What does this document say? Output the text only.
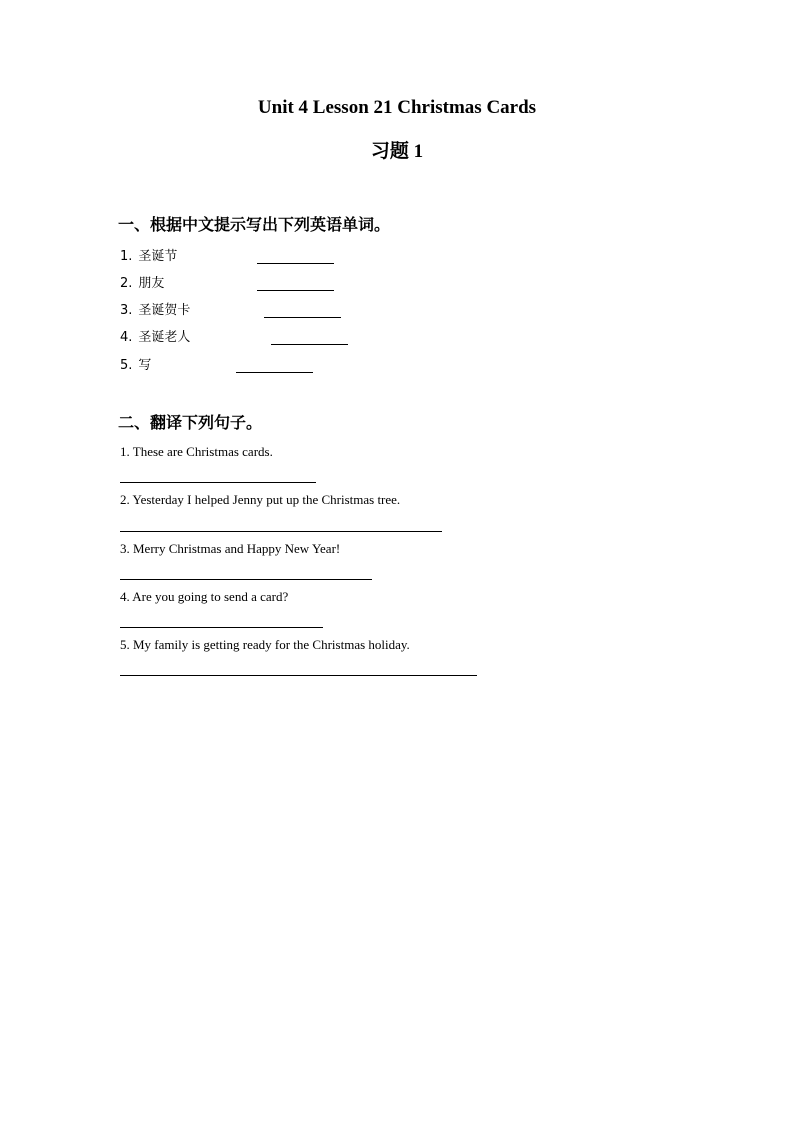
Unit 4 Lesson 21 Christmas Cards
习题 1
一、根据中文提示写出下列英语单词。
1. 圣诞节
2. 朋友
3. 圣诞贺卡
4. 圣诞老人
5. 写
二、翻译下列句子。
1. These are Christmas cards.
2. Yesterday I helped Jenny put up the Christmas tree.
3. Merry Christmas and Happy New Year!
4. Are you going to send a card?
5. My family is getting ready for the Christmas holiday.
